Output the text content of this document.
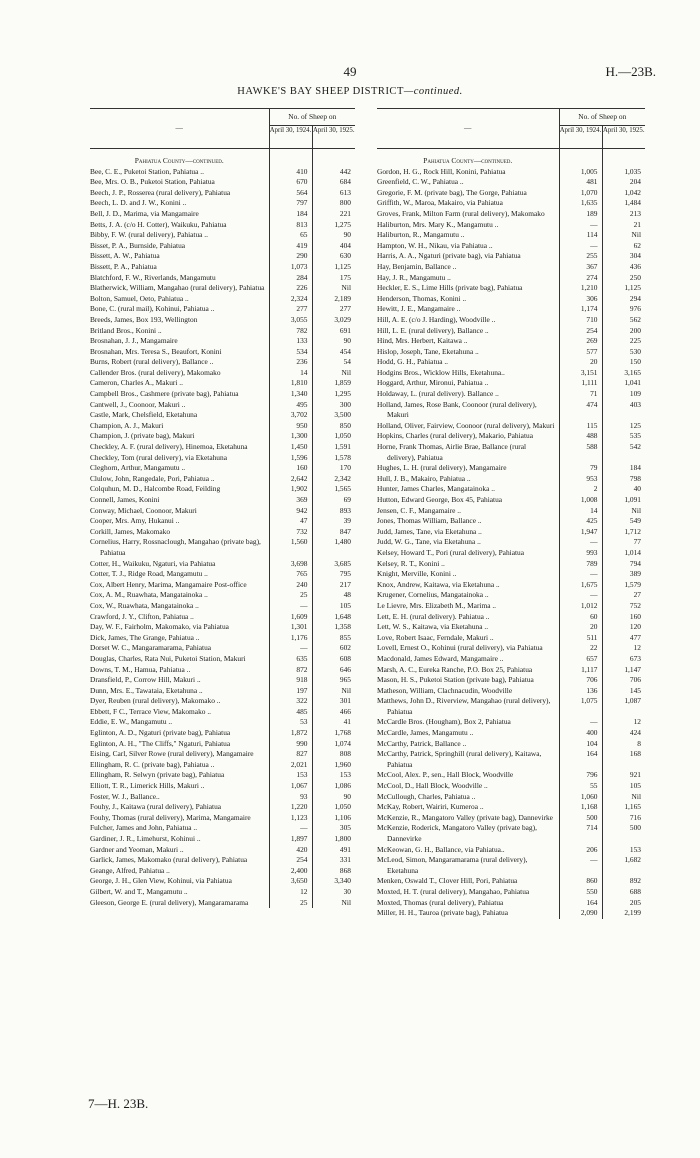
49	H.—23B.
HAWKE'S BAY SHEEP DISTRICT—continued.
—	No. of Sheep on	
	April 30, 1924.	April 30, 1925.
Pahiatua County—continued.		
Bee, C. E., Puketoi Station, Pahiatua ..	410	442
Bee, Mrs. O. B., Puketoi Station, Pahiatua	670	684
Beech, J. P., Rosserea (rural delivery), Pahiatua	564	613
Beech, L. D. and J. W., Konini ..	797	800
Bell, J. D., Marima, via Mangamaire	184	221
Betts, J. A. (c/o H. Cotter), Waikuku, Pahiatua	813	1,275
Bibby, F. W. (rural delivery), Pahiatua ..	65	90
Bisset, P. A., Burnside, Pahiatua	419	404
Bissett, A. W., Pahiatua	290	630
Bissett, P. A., Pahiatua	1,073	1,125
Blatchford, F. W., Riverlands, Mangamutu	284	175
Blatherwick, William, Mangahao (rural delivery), Pahiatua	226	Nil
Bolton, Samuel, Oeto, Pahiatua ..	2,324	2,189
Bone, C. (rural mail), Kohinui, Pahiatua ..	277	277
Breeds, James, Box 193, Wellington	3,055	3,029
Britland Bros., Konini ..	782	691
Brosnahan, J. J., Mangamaire	133	90
Brosnahan, Mrs. Teresa S., Beaufort, Konini	534	454
Burns, Robert (rural delivery), Ballance ..	236	54
Callender Bros. (rural delivery), Makomako	14	Nil
Cameron, Charles A., Makuri ..	1,810	1,859
Campbell Bros., Cashmere (private bag), Pahiatua	1,340	1,295
Cantwell, J., Coonoor, Makuri ..	495	300
Castle, Mark, Chelsfield, Eketahuna	3,702	3,500
Champion, A. J., Makuri	950	850
Champion, J. (private bag), Makuri	1,300	1,050
Checkley, A. F. (rural delivery), Hinemoa, Eketahuna	1,450	1,591
Checkley, Tom (rural delivery), via Eketahuna	1,596	1,578
Cleghorn, Arthur, Mangamutu ..	160	170
Clulow, John, Rangedale, Pori, Pahiatua ..	2,642	2,342
Colquhun, M. D., Halcombe Road, Feilding	1,902	1,565
Connell, James, Konini	369	69
Conway, Michael, Coonoor, Makuri	942	893
Cooper, Mrs. Amy, Hukanui ..	47	39
Corkill, James, Makomako	732	847
Cornelius, Harry, Rossnaclough, Mangahao (private bag), Pahiatua	1,560	1,480
Cotter, H., Waikuku, Ngaturi, via Pahiatua	3,698	3,685
Cotter, T. J., Ridge Road, Mangamutu ..	765	795
Cox, Albert Henry, Marima, Mangamaire Post-office	240	217
Cox, A. M., Ruawhata, Mangatainoka ..	25	48
Cox, W., Ruawhata, Mangatainoka ..	—	105
Crawford, J. Y., Clifton, Pahiatua ..	1,609	1,648
Day, W. F., Fairholm, Makomako, via Pahiatua	1,301	1,358
Dick, James, The Grange, Pahiatua ..	1,176	855
Dorset W. C., Mangaramarama, Pahiatua	—	602
Douglas, Charles, Rata Nui, Puketoi Station, Makuri	635	608
Downs, T. M., Hamua, Pahiatua ..	872	646
Dransfield, P., Corrow Hill, Makuri ..	918	965
Dunn, Mrs. E., Tawataia, Eketahuna ..	197	Nil
Dyer, Reuben (rural delivery), Makomako ..	322	301
Ebbett, F C., Terrace View, Makomako ..	485	466
Eddie, E. W., Mangamutu ..	53	41
Eglinton, A. D., Ngaturi (private bag), Pahiatua	1,872	1,768
Eglinton, A. H., "The Cliffs," Ngaturi, Pahiatua	990	1,074
Eising, Carl, Silver Rowe (rural delivery), Mangamaire	827	808
Ellingham, R. C. (private bag), Pahiatua ..	2,021	1,960
Ellingham, R. Selwyn (private bag), Pahiatua	153	153
Elliott, T. R., Limerick Hills, Makuri ..	1,067	1,086
Foster, W. J., Ballance..	93	90
Fouhy, J., Kaitawa (rural delivery), Pahiatua	1,220	1,050
Fouhy, Thomas (rural delivery), Marima, Mangamaire	1,123	1,106
Fulcher, James and John, Pahiatua ..	—	305
Gardiner, J. R., Limehurst, Kohinui ..	1,897	1,800
Gardner and Yeoman, Makuri ..	420	491
Garlick, James, Makomako (rural delivery), Pahiatua	254	331
Geange, Alfred, Pahiatua ..	2,400	868
George, J. H., Glen View, Kohinui, via Pahiatua	3,650	3,340
Gilbert, W. and T., Mangamutu ..	12	30
Gleeson, George E. (rural delivery), Mangaramarama	25	Nil
—	No. of Sheep on	
	April 30, 1924.	April 30, 1925.
Pahiatua County—continued.		
Gordon, H. G., Rock Hill, Konini, Pahiatua	1,005	1,035
Greenfield, C. W., Pahiatua ..	481	204
Gregorie, F. M. (private bag), The Gorge, Pahiatua	1,070	1,042
Griffith, W., Maroa, Makairo, via Pahiatua	1,635	1,484
Groves, Frank, Milton Farm (rural delivery), Makomako	189	213
Haliburton, Mrs. Mary K., Mangamutu ..	—	21
Haliburton, R., Mangamutu ..	114	Nil
Hampton, W. H., Nikau, via Pahiatua ..	—	62
Harris, A. A., Ngaturi (private bag), via Pahiatua	255	304
Hay, Benjamin, Ballance ..	367	436
Hay, J. R., Mangamutu ..	274	250
Heckler, E. S., Lime Hills (private bag), Pahiatua	1,210	1,125
Henderson, Thomas, Konini ..	306	294
Hewitt, J. E., Mangamaire ..	1,174	976
Hill, A. E. (c/o J. Harding), Woodville ..	710	562
Hill, L. E. (rural delivery), Ballance ..	254	200
Hind, Mrs. Herbert, Kaitawa ..	269	225
Hislop, Joseph, Tane, Eketahuna ..	577	530
Hodd, G. H., Pahiatua ..	20	150
Hodgins Bros., Wicklow Hills, Eketahuna..	3,151	3,165
Hoggard, Arthur, Mironui, Pahiatua ..	1,111	1,041
Holdaway, L. (rural delivery). Ballance ..	71	109
Holland, James, Rose Bank, Coonoor (rural delivery), Makuri	474	403
Holland, Oliver, Fairview, Coonoor (rural delivery), Makuri	115	125
Hopkins, Charles (rural delivery), Makario, Pahiatua	488	535
Horne, Frank Thomas, Airlie Brae, Ballance (rural delivery), Pahiatua	588	542
Hughes, L. H. (rural delivery), Mangamaire	79	184
Hull, J. B., Makairo, Pahiatua ..	953	798
Hunter, James Charles, Mangatainoka ..	2	40
Hutton, Edward George, Box 45, Pahiatua	1,008	1,091
Jensen, C. F., Mangamaire ..	14	Nil
Jones, Thomas William, Ballance ..	425	549
Judd, James, Tane, via Eketahuna ..	1,947	1,712
Judd, W. G., Tane, via Eketahuna ..	—	77
Kelsey, Howard T., Pori (rural delivery), Pahiatua	993	1,014
Kelsey, R. T., Konini ..	789	794
Knight, Merville, Konini ..	—	389
Knox, Andrew, Kaitawa, via Eketahuna ..	1,675	1,579
Krugener, Cornelius, Mangatainoka ..	—	27
Le Lievre, Mrs. Elizabeth M., Marima ..	1,012	752
Lett, E. H. (rural delivery). Pahiatua ..	60	160
Lett, W. S., Kaitawa, via Eketahuna ..	20	120
Love, Robert Isaac, Ferndale, Makuri ..	511	477
Lovell, Ernest O., Kohinui (rural delivery), via Pahiatua	22	12
Macdonald, James Edward, Mangamaire ..	657	673
Marsh, A. C., Eureka Ranche, P.O. Box 25, Pahiatua	1,117	1,147
Mason, H. S., Puketoi Station (private bag), Pahiatua	706	706
Matheson, William, Clachnacudin, Woodville	136	145
Matthews, John D., Riverview, Mangahao (rural delivery), Pahiatua	1,075	1,087
McCardle Bros. (Hougham), Box 2, Pahiatua	—	12
McCardle, James, Mangamutu ..	400	424
McCarthy, Patrick, Ballance ..	104	8
McCarthy, Patrick, Springhill (rural delivery), Kaitawa, Pahiatua	164	168
McCool, Alex. P., sen., Hall Block, Woodville	796	921
McCool, D., Hall Block, Woodville ..	55	105
McCullough, Charles, Pahiatua ..	1,060	Nil
McKay, Robert, Wairiri, Kumeroa ..	1,168	1,165
McKenzie, R., Mangatoro Valley (private bag), Dannevirke	500	716
McKenzie, Roderick, Mangatoro Valley (private bag), Dannevirke	714	500
McKeowan, G. H., Ballance, via Pahiatua..	206	153
McLeod, Simon, Mangaramarama (rural delivery), Eketahuna	—	1,682
Menken, Oswald T., Clover Hill, Pori, Pahiatua	860	892
Moxted, H. T. (rural delivery), Mangahao, Pahiatua	550	688
Moxted, Thomas (rural delivery), Pahiatua	164	205
Miller, H. H., Tauroa (private bag), Pahiatua	2,090	2,199
7—H. 23B.
